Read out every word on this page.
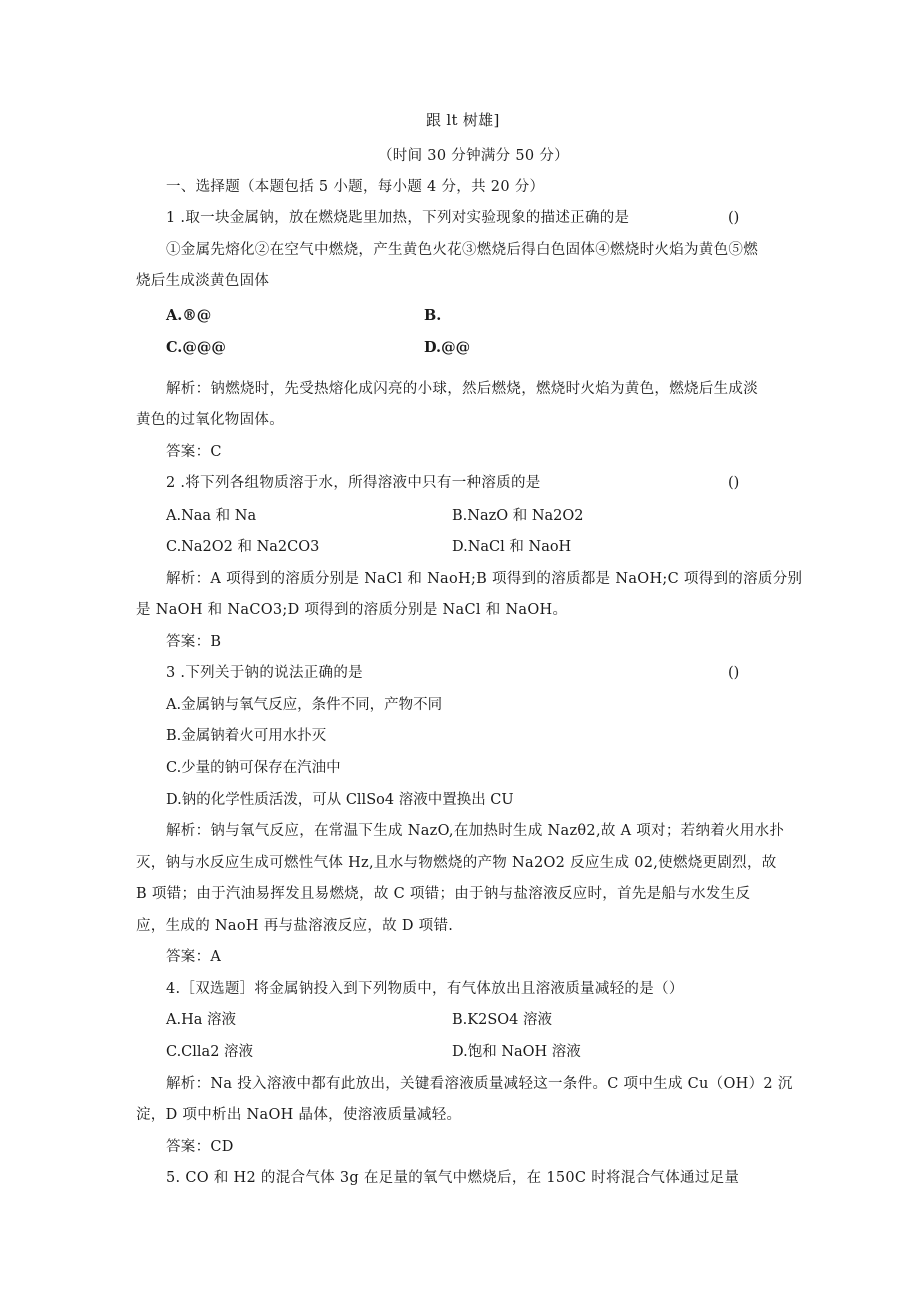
跟 lt 树雄]
（时间 30 分钟满分 50 分）
一、选择题（本题包括 5 小题，每小题 4 分，共 20 分）
1 .取一块金属钠，放在燃烧匙里加热，下列对实验现象的描述正确的是	()
①金属先熔化②在空气中燃烧，产生黄色火花③燃烧后得白色固体④燃烧时火焰为黄色⑤燃
烧后生成淡黄色固体
A.®@	B.
C.@@@	D.@@
解析：钠燃烧时，先受热熔化成闪亮的小球，然后燃烧，燃烧时火焰为黄色，燃烧后生成淡
黄色的过氧化物固体。
答案：C
2 .将下列各组物质溶于水，所得溶液中只有一种溶质的是	()
A.Naa 和 Na	B.NazO 和 Na2O2
C.Na2O2 和 Na2CO3	D.NaCl 和 NaoH
解析：A 项得到的溶质分别是 NaCl 和 NaoH;B 项得到的溶质都是 NaOH;C 项得到的溶质分别
是 NaOH 和 NaCO3;D 项得到的溶质分别是 NaCl 和 NaOH。
答案：B
3 .下列关于钠的说法正确的是	()
A.金属钠与氧气反应，条件不同，产物不同
B.金属钠着火可用水扑灭
C.少量的钠可保存在汽油中
D.钠的化学性质活泼，可从 CllSo4 溶液中置换出 CU
解析：钠与氧气反应，在常温下生成 NazO,在加热时生成 Nazθ2,故 A 项对；若纳着火用水扑
灭，钠与水反应生成可燃性气体 Hz,且水与物燃烧的产物 Na2O2 反应生成 02,使燃烧更剧烈，故
B 项错；由于汽油易挥发且易燃烧，故 C 项错；由于钠与盐溶液反应时，首先是船与水发生反
应，生成的 NaoH 再与盐溶液反应，故 D 项错.
答案：A
4.［双选题］将金属钠投入到下列物质中，有气体放出且溶液质量减轻的是（）
A.Ha 溶液	B.K2SO4 溶液
C.Clla2 溶液	D.饱和 NaOH 溶液
解析：Na 投入溶液中都有此放出，关键看溶液质量减轻这一条件。C 项中生成 Cu（OH）2 沉
淀，D 项中析出 NaOH 晶体，使溶液质量减轻。
答案：CD
5. CO 和 H2 的混合气体 3g 在足量的氧气中燃烧后，在 150C 时将混合气体通过足量
